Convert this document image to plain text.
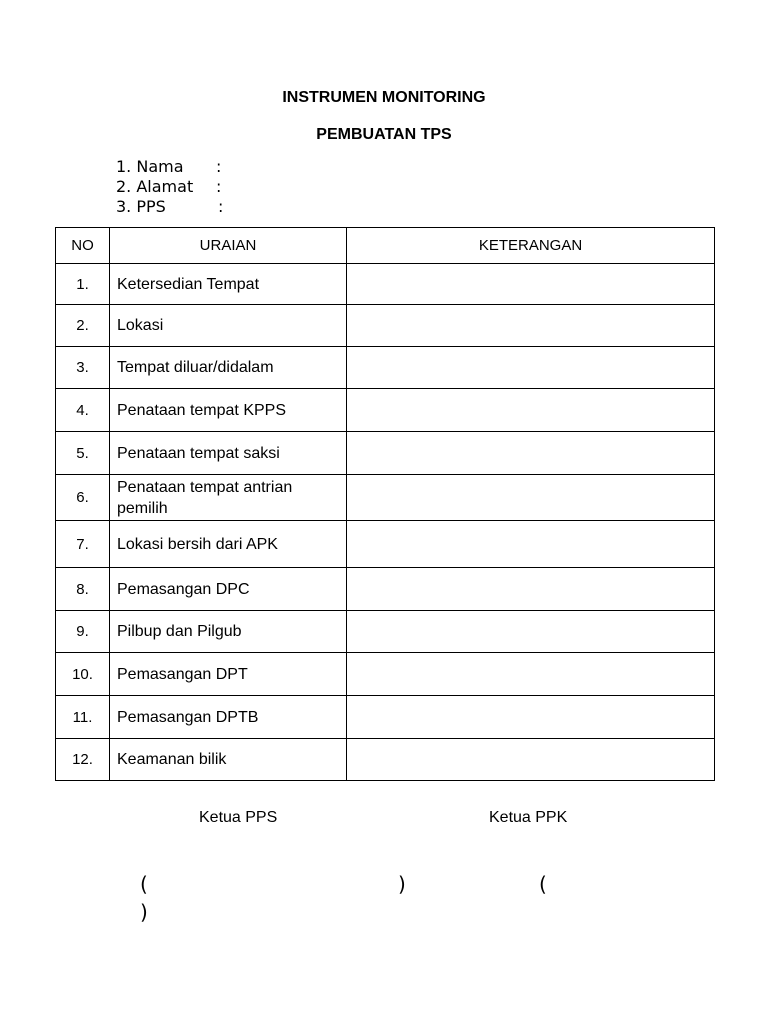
INSTRUMEN MONITORING
PEMBUATAN TPS
1. Nama :
2. Alamat :
3. PPS	:
NO	URAIAN	KETERANGAN
1.	Ketersedian Tempat	
2.	Lokasi	
3.	Tempat diluar/didalam	
4.	Penataan tempat KPPS	
5.	Penataan tempat saksi	
6.	Penataan tempat antrian pemilih	
7.	Lokasi bersih dari APK	
8.	Pemasangan DPC	
9.	Pilbup dan Pilgub	
10.	Pemasangan DPT	
11.	Pemasangan DPTB	
12.	Keamanan bilik	
Ketua PPS	Ketua PPK
(	)	(
)
